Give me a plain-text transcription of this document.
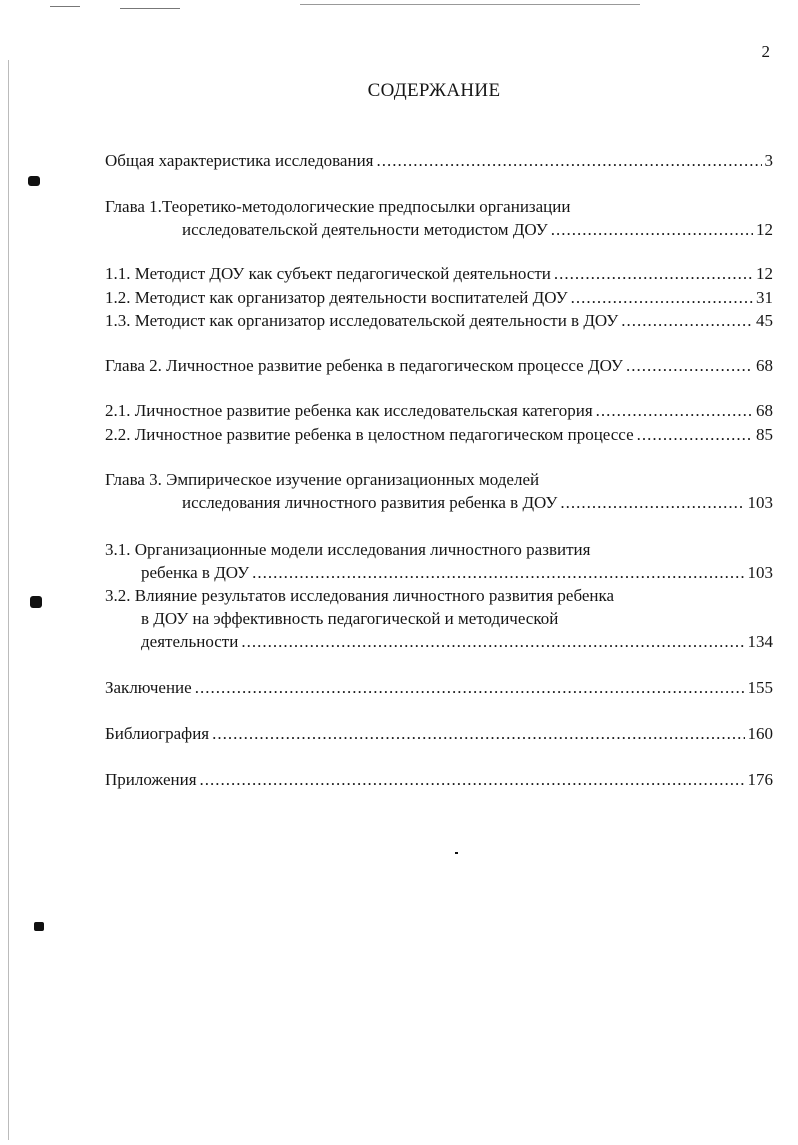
2
СОДЕРЖАНИЕ
Общая характеристика исследования .....	3
Глава 1.Теоретико-методологические предпосылки организации
исследовательской деятельности методистом ДОУ .....	12
1.1. Методист ДОУ как субъект педагогической деятельности .....	12
1.2. Методист как организатор деятельности воспитателей ДОУ .....	31
1.3. Методист как организатор исследовательской деятельности в ДОУ .....	45
Глава 2. Личностное развитие ребенка в педагогическом процессе ДОУ .....	68
2.1. Личностное развитие ребенка как исследовательская категория .....	68
2.2. Личностное развитие ребенка в целостном педагогическом процессе .....	85
Глава 3. Эмпирическое изучение организационных моделей
исследования личностного развития ребенка в ДОУ .....	103
3.1. Организационные модели исследования личностного развития
ребенка в ДОУ .....	103
3.2. Влияние результатов исследования личностного развития ребенка
в ДОУ на эффективность педагогической и методической
деятельности .....	134
Заключение .....	155
Библиография .....	160
Приложения .....	176
